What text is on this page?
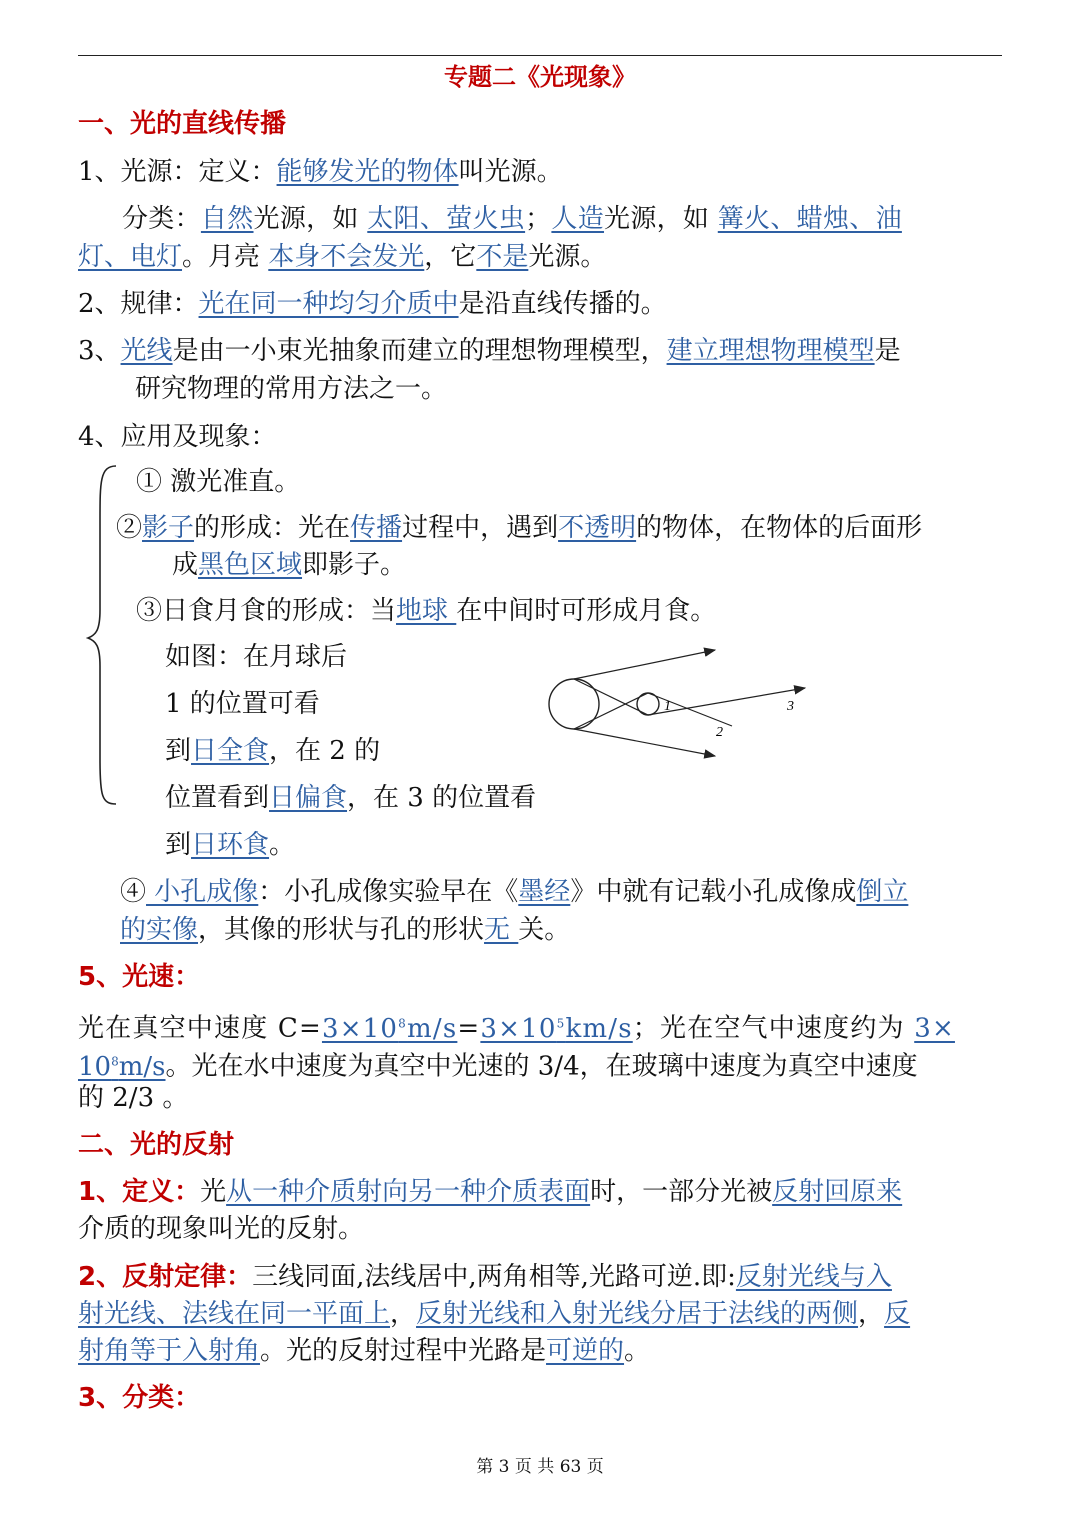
专题二《光现象》
一、光的直线传播
1、光源：定义：能够发光的物体叫光源。
分类：自然光源，如 太阳、萤火虫；人造光源，如 篝火、蜡烛、油
灯、电灯。月亮 本身不会发光，它不是光源。
2、规律：光在同一种均匀介质中是沿直线传播的。
3、光线是由一小束光抽象而建立的理想物理模型，建立理想物理模型是
研究物理的常用方法之一。
4、应用及现象：
① 激光准直。
②影子的形成：光在传播过程中，遇到不透明的物体，在物体的后面形
成黑色区域即影子。
③日食月食的形成：当地球 在中间时可形成月食。
如图：在月球后
1 的位置可看
到日全食，在 2 的
位置看到日偏食，在 3 的位置看
到日环食。
1
2
3
④ 小孔成像：小孔成像实验早在《墨经》中就有记载小孔成像成倒立
的实像，其像的形状与孔的形状无 关。
5、光速：
光在真空中速度 $C=3\times 10^8m/s=3\times 10^5km/s$；光在空气中速度约为 3×
$10^8m/s$。光在水中速度为真空中光速的 3/4，在玻璃中速度为真空中速度
的 2/3 。
二、光的反射
1、定义：光从一种介质射向另一种介质表面时，一部分光被反射回原来
介质的现象叫光的反射。
2、反射定律：三线同面,法线居中,两角相等,光路可逆.即:反射光线与入
射光线、法线在同一平面上，反射光线和入射光线分居于法线的两侧，反
射角等于入射角。光的反射过程中光路是可逆的。
3、分类：
第 3 页 共 63 页
